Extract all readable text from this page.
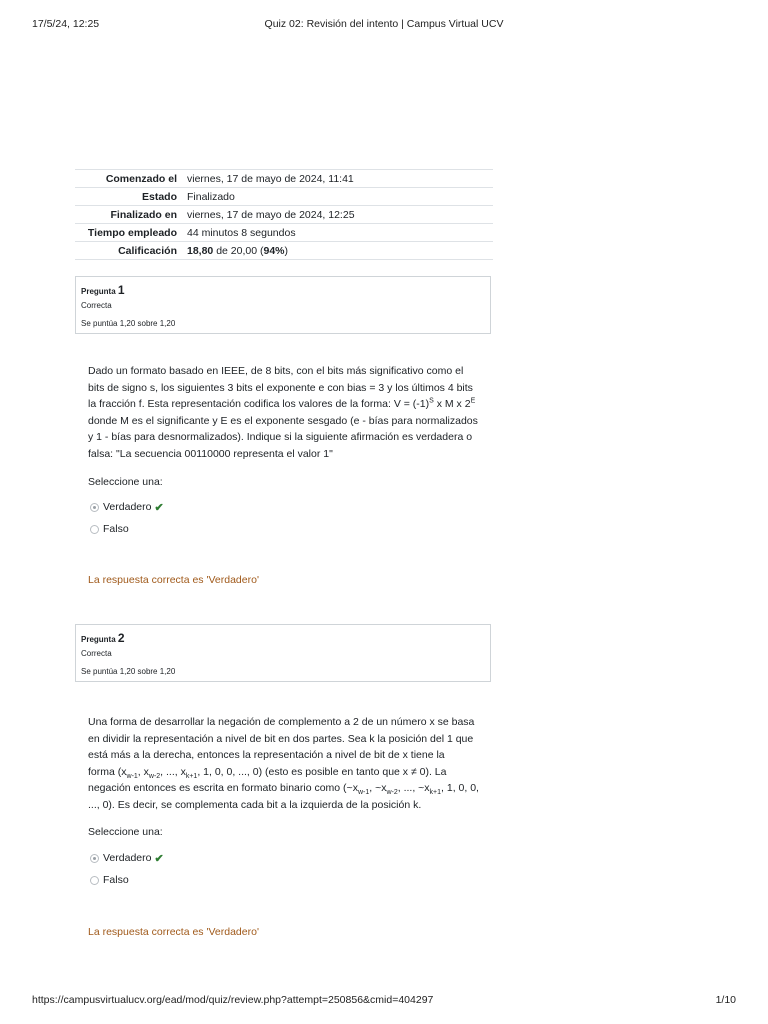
17/5/24, 12:25	Quiz 02: Revisión del intento | Campus Virtual UCV
Comenzado el	viernes, 17 de mayo de 2024, 11:41
Estado	Finalizado
Finalizado en	viernes, 17 de mayo de 2024, 12:25
Tiempo empleado	44 minutos 8 segundos
Calificación	18,80 de 20,00 (94%)
Pregunta 1
Correcta
Se puntúa 1,20 sobre 1,20
Dado un formato basado en IEEE, de 8 bits, con el bits más significativo como el
bits de signo s, los siguientes 3 bits el exponente e con bias = 3 y los últimos 4 bits
la fracción f. Esta representación codifica los valores de la forma: $V = (-1)^S$ x M x $2^E$
donde M es el significante y E es el exponente sesgado (e - bías para normalizados
y 1 - bías para desnormalizados). Indique si la siguiente afirmación es verdadera o
falsa: "La secuencia 00110000 representa el valor 1"
Seleccione una:
Verdadero ✔
Falso
La respuesta correcta es 'Verdadero'
Pregunta 2
Correcta
Se puntúa 1,20 sobre 1,20
Una forma de desarrollar la negación de complemento a 2 de un número x se basa
en dividir la representación a nivel de bit en dos partes. Sea k la posición del 1 que
está más a la derecha, entonces la representación a nivel de bit de x tiene la
forma ($x_{w-1}$, $x_{w-2}$, ..., $x_{k+1}$, 1, 0, 0, ..., 0) (esto es posible en tanto que x ≠ 0). La
negación entonces es escrita en formato binario como ($\sim x_{w-1}$, $\sim x_{w-2}$, ..., $\sim x_{k+1}$, 1, 0, 0,
..., 0). Es decir, se complementa cada bit a la izquierda de la posición k.
Seleccione una:
Verdadero ✔
Falso
La respuesta correcta es 'Verdadero'
https://campusvirtualucv.org/ead/mod/quiz/review.php?attempt=250856&cmid=404297	1/10
